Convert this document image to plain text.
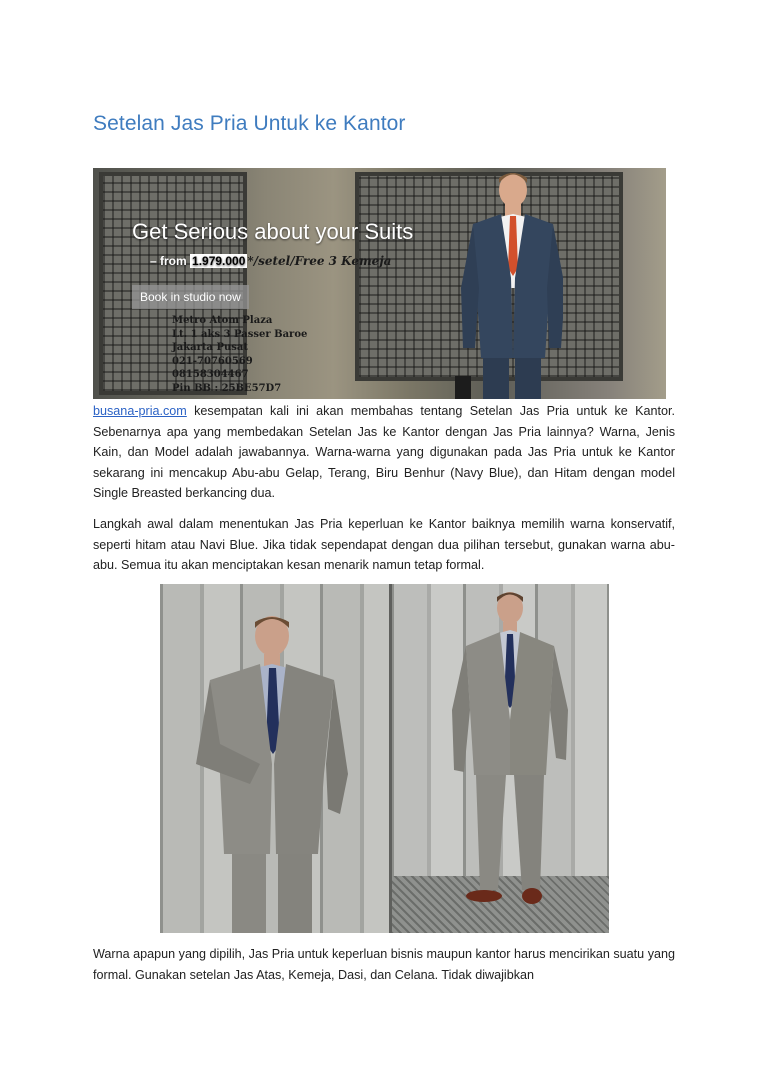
Setelan Jas Pria Untuk ke Kantor
Get Serious about your Suits
– from 1.979.000 */setel/Free 3 Kemeja
Book in studio now
Metro Atom Plaza
Lt. 1 aks 3 Passer Baroe
Jakarta Pusat
021-70760569
08158304467
Pin BB : 25BE57D7

busana-pria.com kesempatan kali ini akan membahas tentang Setelan Jas Pria untuk ke Kantor. Sebenarnya apa yang membedakan Setelan Jas ke Kantor dengan Jas Pria lainnya? Warna, Jenis Kain, dan Model adalah jawabannya. Warna-warna yang digunakan pada Jas Pria untuk ke Kantor sekarang ini mencakup Abu-abu Gelap, Terang, Biru Benhur (Navy Blue), dan Hitam dengan model Single Breasted berkancing dua.

Langkah awal dalam menentukan Jas Pria keperluan ke Kantor baiknya memilih warna konservatif, seperti hitam atau Navi Blue. Jika tidak sependapat dengan dua pilihan tersebut, gunakan warna abu-abu. Semua itu akan menciptakan kesan menarik namun tetap formal.

Warna apapun yang dipilih, Jas Pria untuk keperluan bisnis maupun kantor harus mencirikan suatu yang formal. Gunakan setelan Jas Atas, Kemeja, Dasi, dan Celana. Tidak diwajibkan
